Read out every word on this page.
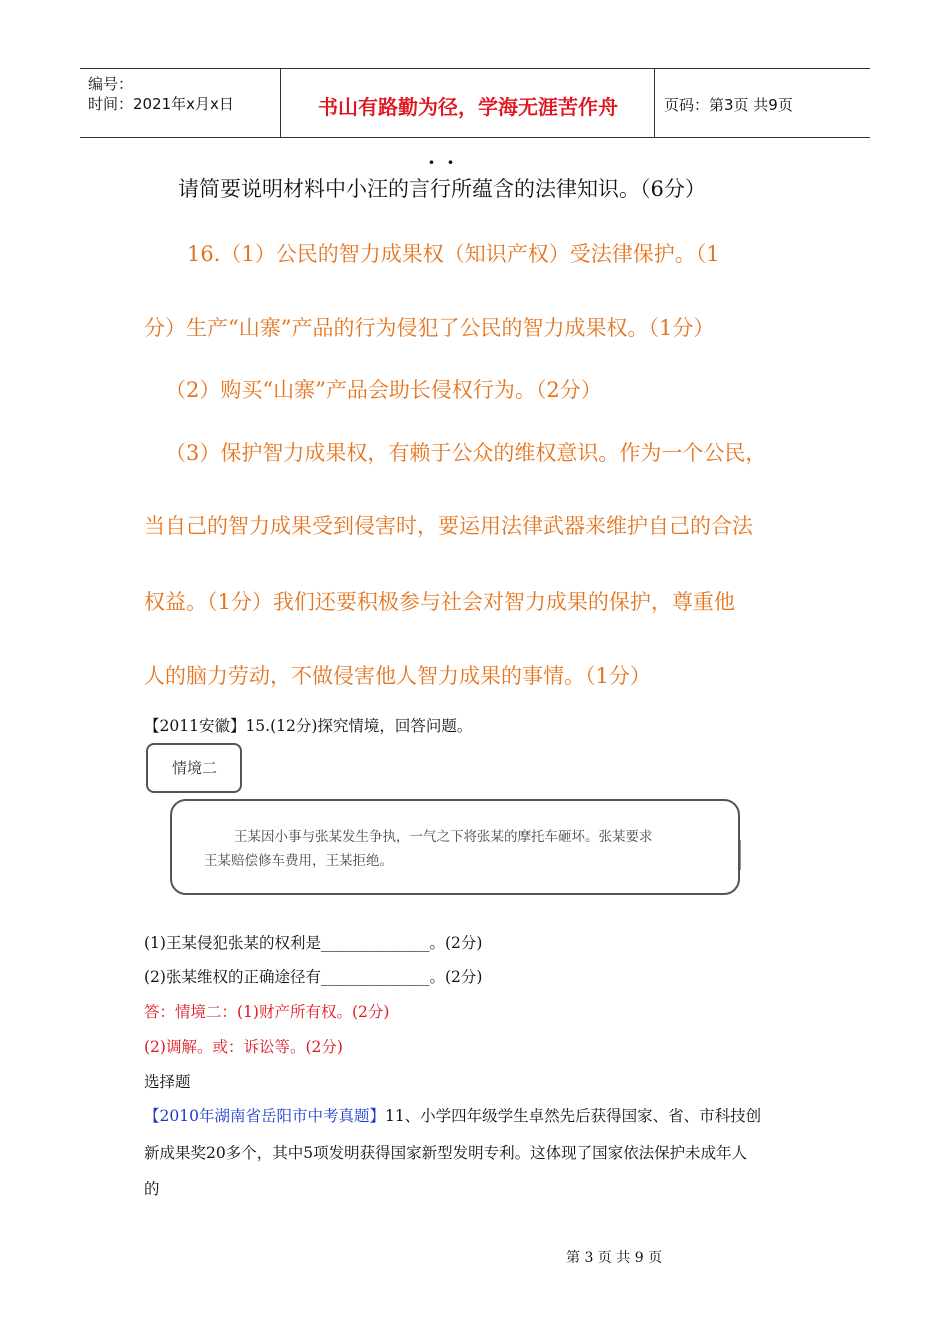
编号：
时间：2021年x月x日	书山有路勤为径，学海无涯苦作舟	页码：第3页 共9页
··
请简要说明材料中小汪的言行所蕴含的法律知识。（6分）
16.（1）公民的智力成果权（知识产权）受法律保护。（1
分）生产“山寨”产品的行为侵犯了公民的智力成果权。（1分）
（2）购买“山寨”产品会助长侵权行为。（2分）
（3）保护智力成果权，有赖于公众的维权意识。作为一个公民，
当自己的智力成果受到侵害时，要运用法律武器来维护自己的合法
权益。（1分）我们还要积极参与社会对智力成果的保护，尊重他
人的脑力劳动，不做侵害他人智力成果的事情。（1分）
【2011安徽】15.(12分)探究情境，回答问题。
情境二
王某因小事与张某发生争执，一气之下将张某的摩托车砸坏。张某要求
王某赔偿修车费用，王某拒绝。
(1)王某侵犯张某的权利是______________。(2分)
(2)张某维权的正确途径有______________。(2分)
答：情境二：(1)财产所有权。(2分)
(2)调解。或：诉讼等。(2分)
选择题
【2010年湖南省岳阳市中考真题】11、小学四年级学生卓然先后获得国家、省、市科技创
新成果奖20多个，其中5项发明获得国家新型发明专利。这体现了国家依法保护未成年人
的
第 3 页 共 9 页
